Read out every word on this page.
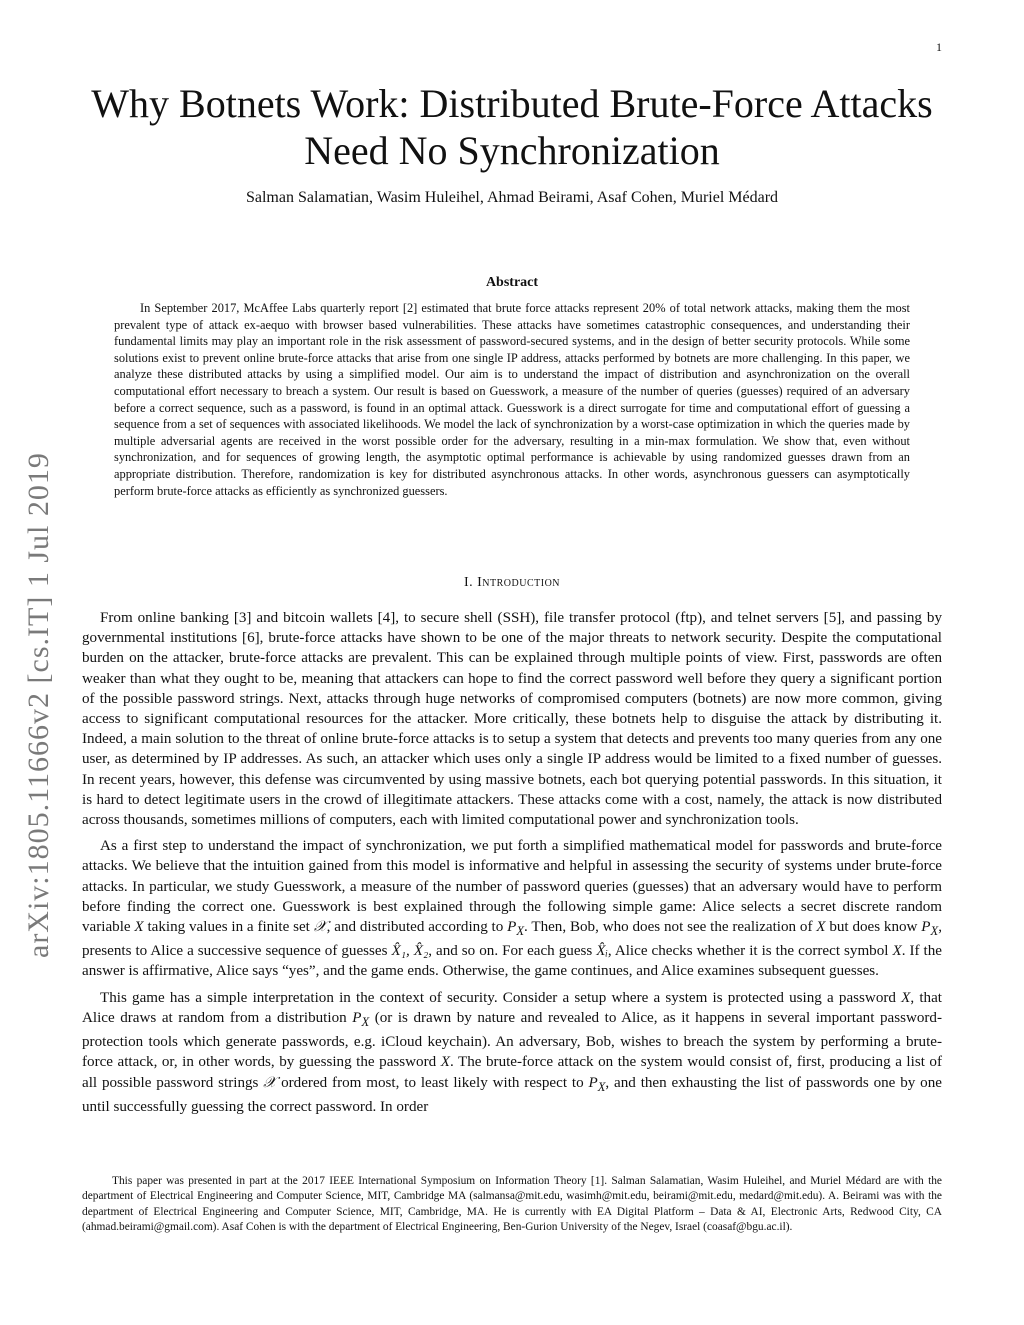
1
arXiv:1805.11666v2 [cs.IT] 1 Jul 2019
Why Botnets Work: Distributed Brute-Force Attacks
Need No Synchronization
Salman Salamatian, Wasim Huleihel, Ahmad Beirami, Asaf Cohen, Muriel Médard
Abstract

In September 2017, McAffee Labs quarterly report [2] estimated that brute force attacks represent 20% of total network attacks, making them the most prevalent type of attack ex-aequo with browser based vulnerabilities. These attacks have sometimes catastrophic consequences, and understanding their fundamental limits may play an important role in the risk assessment of password-secured systems, and in the design of better security protocols. While some solutions exist to prevent online brute-force attacks that arise from one single IP address, attacks performed by botnets are more challenging. In this paper, we analyze these distributed attacks by using a simplified model. Our aim is to understand the impact of distribution and asynchronization on the overall computational effort necessary to breach a system. Our result is based on Guesswork, a measure of the number of queries (guesses) required of an adversary before a correct sequence, such as a password, is found in an optimal attack. Guesswork is a direct surrogate for time and computational effort of guessing a sequence from a set of sequences with associated likelihoods. We model the lack of synchronization by a worst-case optimization in which the queries made by multiple adversarial agents are received in the worst possible order for the adversary, resulting in a min-max formulation. We show that, even without synchronization, and for sequences of growing length, the asymptotic optimal performance is achievable by using randomized guesses drawn from an appropriate distribution. Therefore, randomization is key for distributed asynchronous attacks. In other words, asynchronous guessers can asymptotically perform brute-force attacks as efficiently as synchronized guessers.

I. Introduction

From online banking [3] and bitcoin wallets [4], to secure shell (SSH), file transfer protocol (ftp), and telnet servers [5], and passing by governmental institutions [6], brute-force attacks have shown to be one of the major threats to network security. Despite the computational burden on the attacker, brute-force attacks are prevalent. This can be explained through multiple points of view. First, passwords are often weaker than what they ought to be, meaning that attackers can hope to find the correct password well before they query a significant portion of the possible password strings. Next, attacks through huge networks of compromised computers (botnets) are now more common, giving access to significant computational resources for the attacker. More critically, these botnets help to disguise the attack by distributing it. Indeed, a main solution to the threat of online brute-force attacks is to setup a system that detects and prevents too many queries from any one user, as determined by IP addresses. As such, an attacker which uses only a single IP address would be limited to a fixed number of guesses. In recent years, however, this defense was circumvented by using massive botnets, each bot querying potential passwords. In this situation, it is hard to detect legitimate users in the crowd of illegitimate attackers. These attacks come with a cost, namely, the attack is now distributed across thousands, sometimes millions of computers, each with limited computational power and synchronization tools.

As a first step to understand the impact of synchronization, we put forth a simplified mathematical model for passwords and brute-force attacks. We believe that the intuition gained from this model is informative and helpful in assessing the security of systems under brute-force attacks. In particular, we study Guesswork, a measure of the number of password queries (guesses) that an adversary would have to perform before finding the correct one. Guesswork is best explained through the following simple game: Alice selects a secret discrete random variable X taking values in a finite set 𝒳, and distributed according to $P_X$. Then, Bob, who does not see the realization of X but does know $P_X$, presents to Alice a successive sequence of guesses X̂₁, X̂₂, and so on. For each guess X̂ᵢ, Alice checks whether it is the correct symbol X. If the answer is affirmative, Alice says “yes”, and the game ends. Otherwise, the game continues, and Alice examines subsequent guesses.

This game has a simple interpretation in the context of security. Consider a setup where a system is protected using a password X, that Alice draws at random from a distribution $P_X$ (or is drawn by nature and revealed to Alice, as it happens in several important password-protection tools which generate passwords, e.g. iCloud keychain). An adversary, Bob, wishes to breach the system by performing a brute-force attack, or, in other words, by guessing the password X. The brute-force attack on the system would consist of, first, producing a list of all possible password strings 𝒳 ordered from most, to least likely with respect to $P_X$, and then exhausting the list of passwords one by one until successfully guessing the correct password. In order

This paper was presented in part at the 2017 IEEE International Symposium on Information Theory [1]. Salman Salamatian, Wasim Huleihel, and Muriel Médard are with the department of Electrical Engineering and Computer Science, MIT, Cambridge MA (salmansa@mit.edu, wasimh@mit.edu, beirami@mit.edu, medard@mit.edu). A. Beirami was with the department of Electrical Engineering and Computer Science, MIT, Cambridge, MA. He is currently with EA Digital Platform – Data & AI, Electronic Arts, Redwood City, CA (ahmad.beirami@gmail.com). Asaf Cohen is with the department of Electrical Engineering, Ben-Gurion University of the Negev, Israel (coasaf@bgu.ac.il).
